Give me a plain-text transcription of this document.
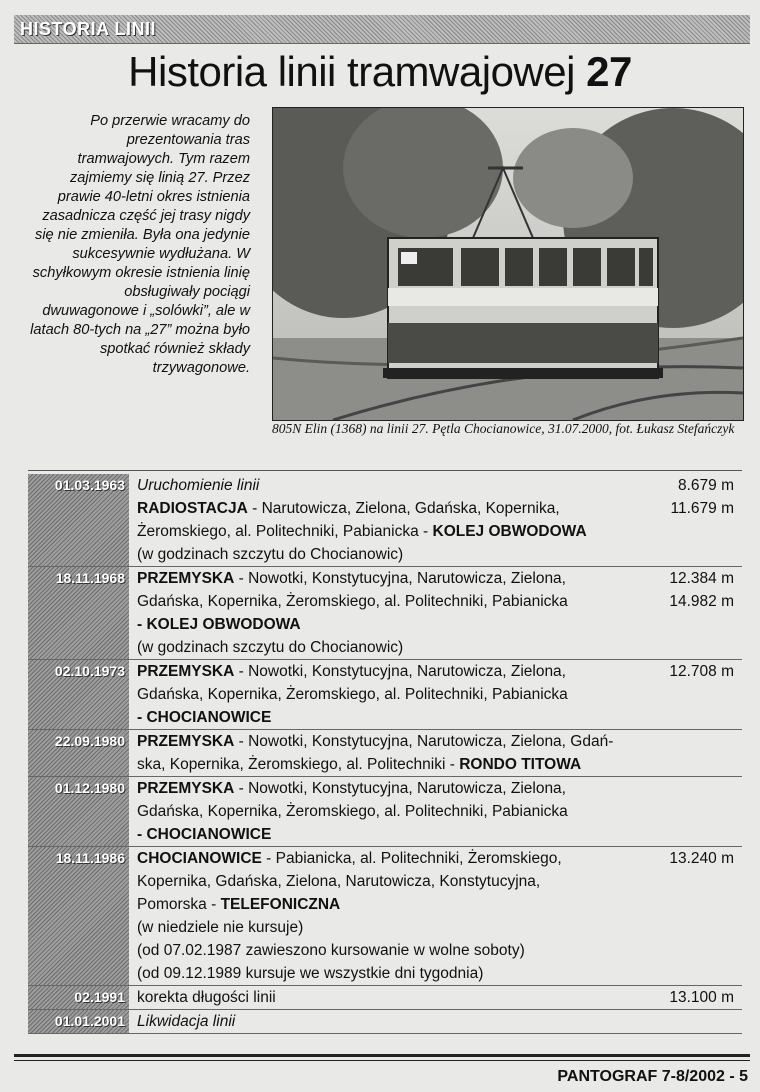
HISTORIA LINII
Historia linii tramwajowej 27
Po przerwie wracamy do prezentowania tras tramwajowych. Tym razem zajmiemy się linią 27. Przez prawie 40-letni okres istnienia zasadnicza część jej trasy nigdy się nie zmieniła. Była ona jedynie sukcesywnie wydłużana. W schyłkowym okresie istnienia linię obsługiwały pociągi dwuwagonowe i „solówki”, ale w latach 80-tych na „27” można było spotkać również składy trzywagonowe.
805N Elin (1368) na linii 27. Pętla Chocianowice, 31.07.2000, fot. Łukasz Stefańczyk
01.03.1963 Uruchomienie linii
RADIOSTACJA - Narutowicza, Zielona, Gdańska, Kopernika,
Żeromskiego, al. Politechniki, Pabianicka - KOLEJ OBWODOWA
(w godzinach szczytu do Chocianowic)
8.679 m
11.679 m
18.11.1968 PRZEMYSKA - Nowotki, Konstytucyjna, Narutowicza, Zielona,
Gdańska, Kopernika, Żeromskiego, al. Politechniki, Pabianicka
- KOLEJ OBWODOWA
(w godzinach szczytu do Chocianowic)
12.384 m
14.982 m
02.10.1973 PRZEMYSKA - Nowotki, Konstytucyjna, Narutowicza, Zielona,
Gdańska, Kopernika, Żeromskiego, al. Politechniki, Pabianicka
- CHOCIANOWICE
12.708 m
22.09.1980 PRZEMYSKA - Nowotki, Konstytucyjna, Narutowicza, Zielona, Gdań-
ska, Kopernika, Żeromskiego, al. Politechniki - RONDO TITOWA
01.12.1980 PRZEMYSKA - Nowotki, Konstytucyjna, Narutowicza, Zielona,
Gdańska, Kopernika, Żeromskiego, al. Politechniki, Pabianicka
- CHOCIANOWICE
18.11.1986 CHOCIANOWICE - Pabianicka, al. Politechniki, Żeromskiego,
Kopernika, Gdańska, Zielona, Narutowicza, Konstytucyjna,
Pomorska - TELEFONICZNA
(w niedziele nie kursuje)
(od 07.02.1987 zawieszono kursowanie w wolne soboty)
(od 09.12.1989 kursuje we wszystkie dni tygodnia)
13.240 m
02.1991 korekta długości linii	13.100 m
01.01.2001 Likwidacja linii
PANTOGRAF 7-8/2002 - 5
